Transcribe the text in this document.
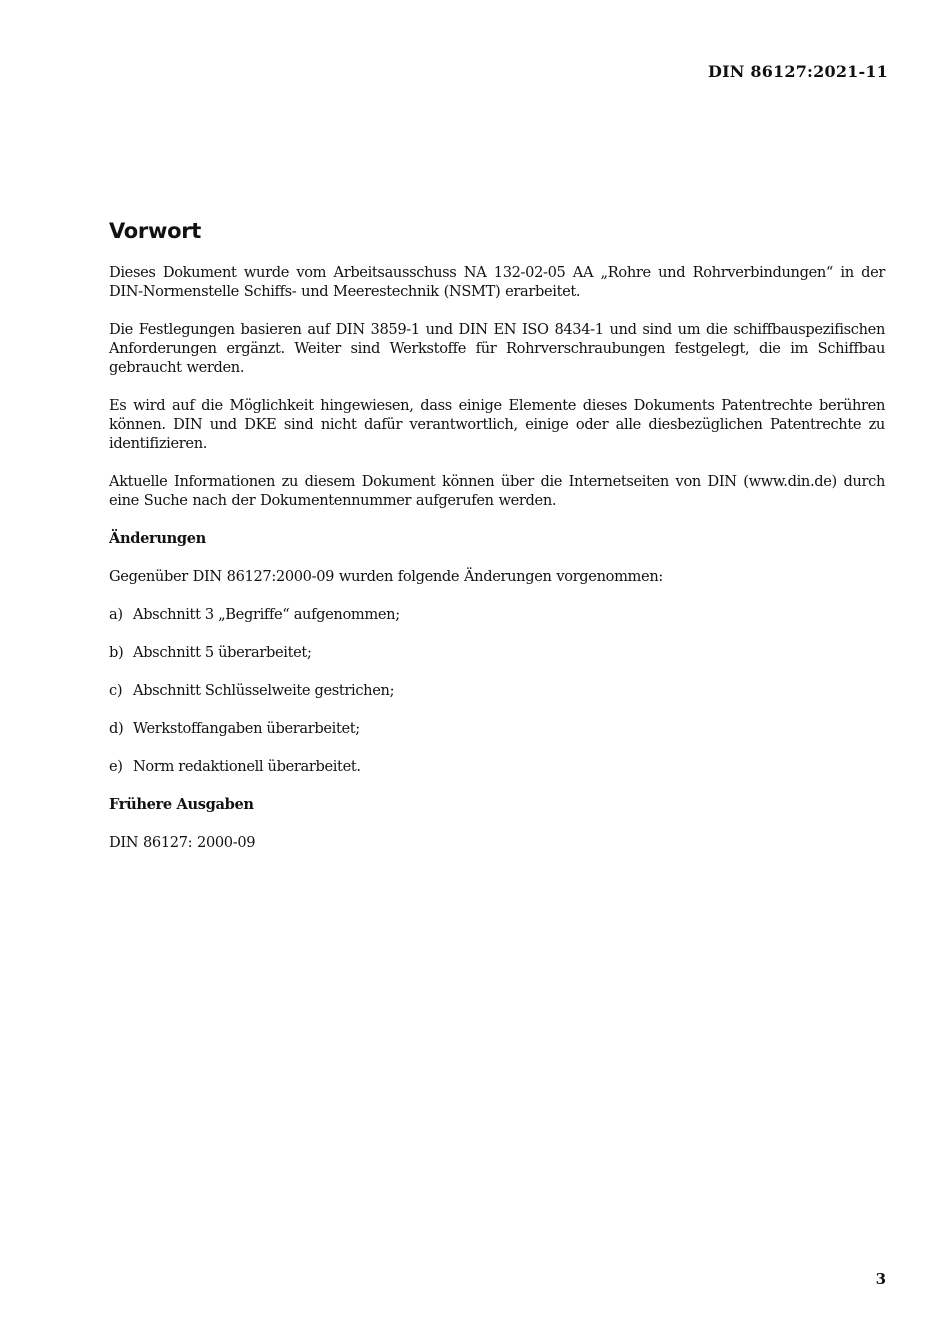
DIN 86127:2021-11
Vorwort

Dieses Dokument wurde vom Arbeitsausschuss NA 132-02-05 AA „Rohre und Rohrverbindungen“ in der DIN-Normenstelle Schiffs- und Meerestechnik (NSMT) erarbeitet.

Die Festlegungen basieren auf DIN 3859-1 und DIN EN ISO 8434-1 und sind um die schiffbauspezifischen Anforderungen ergänzt. Weiter sind Werkstoffe für Rohrverschraubungen festgelegt, die im Schiffbau gebraucht werden.

Es wird auf die Möglichkeit hingewiesen, dass einige Elemente dieses Dokuments Patentrechte berühren können. DIN und DKE sind nicht dafür verantwortlich, einige oder alle diesbezüglichen Patentrechte zu identifizieren.

Aktuelle Informationen zu diesem Dokument können über die Internetseiten von DIN (www.din.de) durch eine Suche nach der Dokumentennummer aufgerufen werden.

Änderungen

Gegenüber DIN 86127:2000-09 wurden folgende Änderungen vorgenommen:

a) Abschnitt 3 „Begriffe“ aufgenommen;
b) Abschnitt 5 überarbeitet;
c) Abschnitt Schlüsselweite gestrichen;
d) Werkstoffangaben überarbeitet;
e) Norm redaktionell überarbeitet.
Frühere Ausgaben

DIN 86127: 2000-09

3
